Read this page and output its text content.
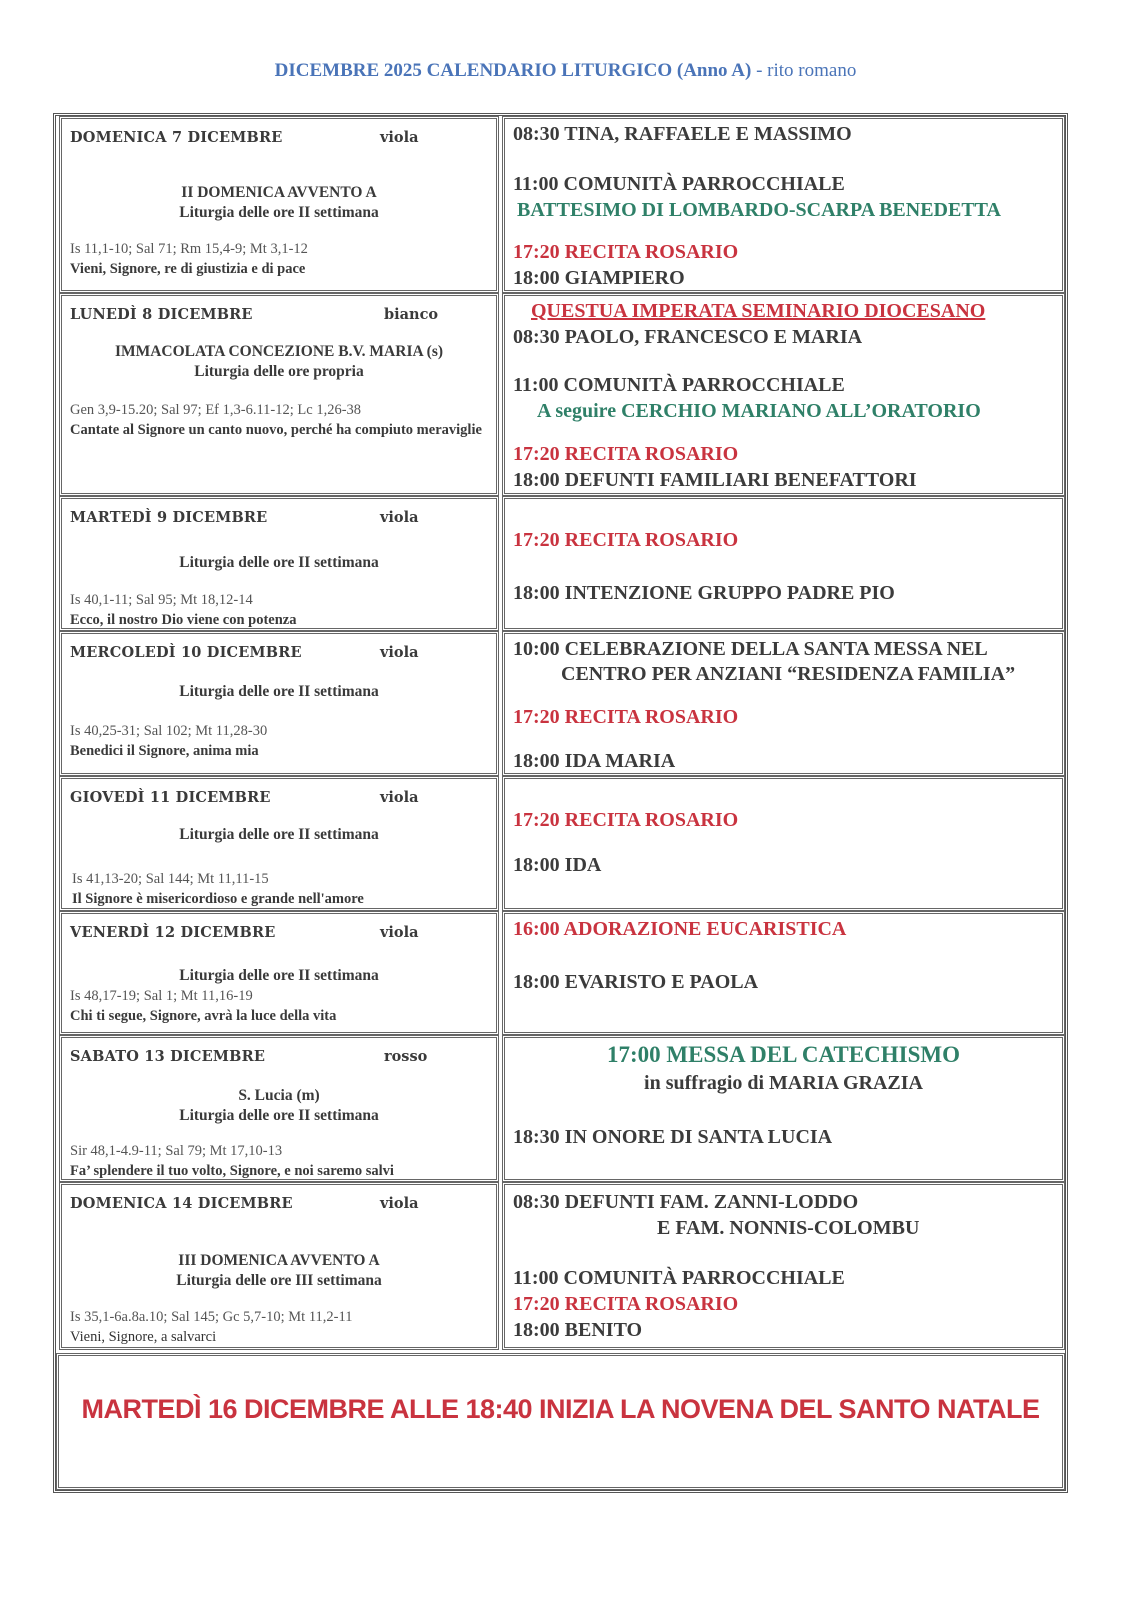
DICEMBRE 2025 CALENDARIO LITURGICO (Anno A) - rito romano
DOMENICA 7 DICEMBRE	viola
II DOMENICA AVVENTO A
Liturgia delle ore II settimana
Is 11,1-10; Sal 71; Rm 15,4-9; Mt 3,1-12
Vieni, Signore, re di giustizia e di pace
08:30 TINA, RAFFAELE E MASSIMO
11:00 COMUNITÀ PARROCCHIALE
BATTESIMO DI LOMBARDO-SCARPA BENEDETTA
17:20 RECITA ROSARIO
18:00 GIAMPIERO
LUNEDÌ 8 DICEMBRE	bianco
IMMACOLATA CONCEZIONE B.V. MARIA (s)
Liturgia delle ore propria
Gen 3,9-15.20; Sal 97; Ef 1,3-6.11-12; Lc 1,26-38
Cantate al Signore un canto nuovo, perché ha compiuto meraviglie
QUESTUA IMPERATA SEMINARIO DIOCESANO
08:30 PAOLO, FRANCESCO E MARIA
11:00 COMUNITÀ PARROCCHIALE
A seguire CERCHIO MARIANO ALL’ORATORIO
17:20 RECITA ROSARIO
18:00 DEFUNTI FAMILIARI BENEFATTORI
MARTEDÌ 9 DICEMBRE	viola
Liturgia delle ore II settimana
Is 40,1-11; Sal 95; Mt 18,12-14
Ecco, il nostro Dio viene con potenza
17:20 RECITA ROSARIO
18:00 INTENZIONE GRUPPO PADRE PIO
MERCOLEDÌ 10 DICEMBRE	viola
Liturgia delle ore II settimana
Is 40,25-31; Sal 102; Mt 11,28-30
Benedici il Signore, anima mia
10:00 CELEBRAZIONE DELLA SANTA MESSA NEL
CENTRO PER ANZIANI “RESIDENZA FAMILIA”
17:20 RECITA ROSARIO
18:00 IDA MARIA
GIOVEDÌ 11 DICEMBRE	viola
Liturgia delle ore II settimana
Is 41,13-20; Sal 144; Mt 11,11-15
Il Signore è misericordioso e grande nell'amore
17:20 RECITA ROSARIO
18:00 IDA
VENERDÌ 12 DICEMBRE	viola
Liturgia delle ore II settimana
Is 48,17-19; Sal 1; Mt 11,16-19
Chi ti segue, Signore, avrà la luce della vita
16:00 ADORAZIONE EUCARISTICA
18:00 EVARISTO E PAOLA
SABATO 13 DICEMBRE	rosso
S. Lucia (m)
Liturgia delle ore II settimana
Sir 48,1-4.9-11; Sal 79; Mt 17,10-13
Fa’ splendere il tuo volto, Signore, e noi saremo salvi
17:00 MESSA DEL CATECHISMO
in suffragio di MARIA GRAZIA
18:30 IN ONORE DI SANTA LUCIA
DOMENICA 14 DICEMBRE	viola
III DOMENICA AVVENTO A
Liturgia delle ore III settimana
Is 35,1-6a.8a.10; Sal 145; Gc 5,7-10; Mt 11,2-11
Vieni, Signore, a salvarci
08:30 DEFUNTI FAM. ZANNI-LODDO
E FAM. NONNIS-COLOMBU
11:00 COMUNITÀ PARROCCHIALE
17:20 RECITA ROSARIO
18:00 BENITO
MARTEDÌ 16 DICEMBRE ALLE 18:40 INIZIA LA NOVENA DEL SANTO NATALE
